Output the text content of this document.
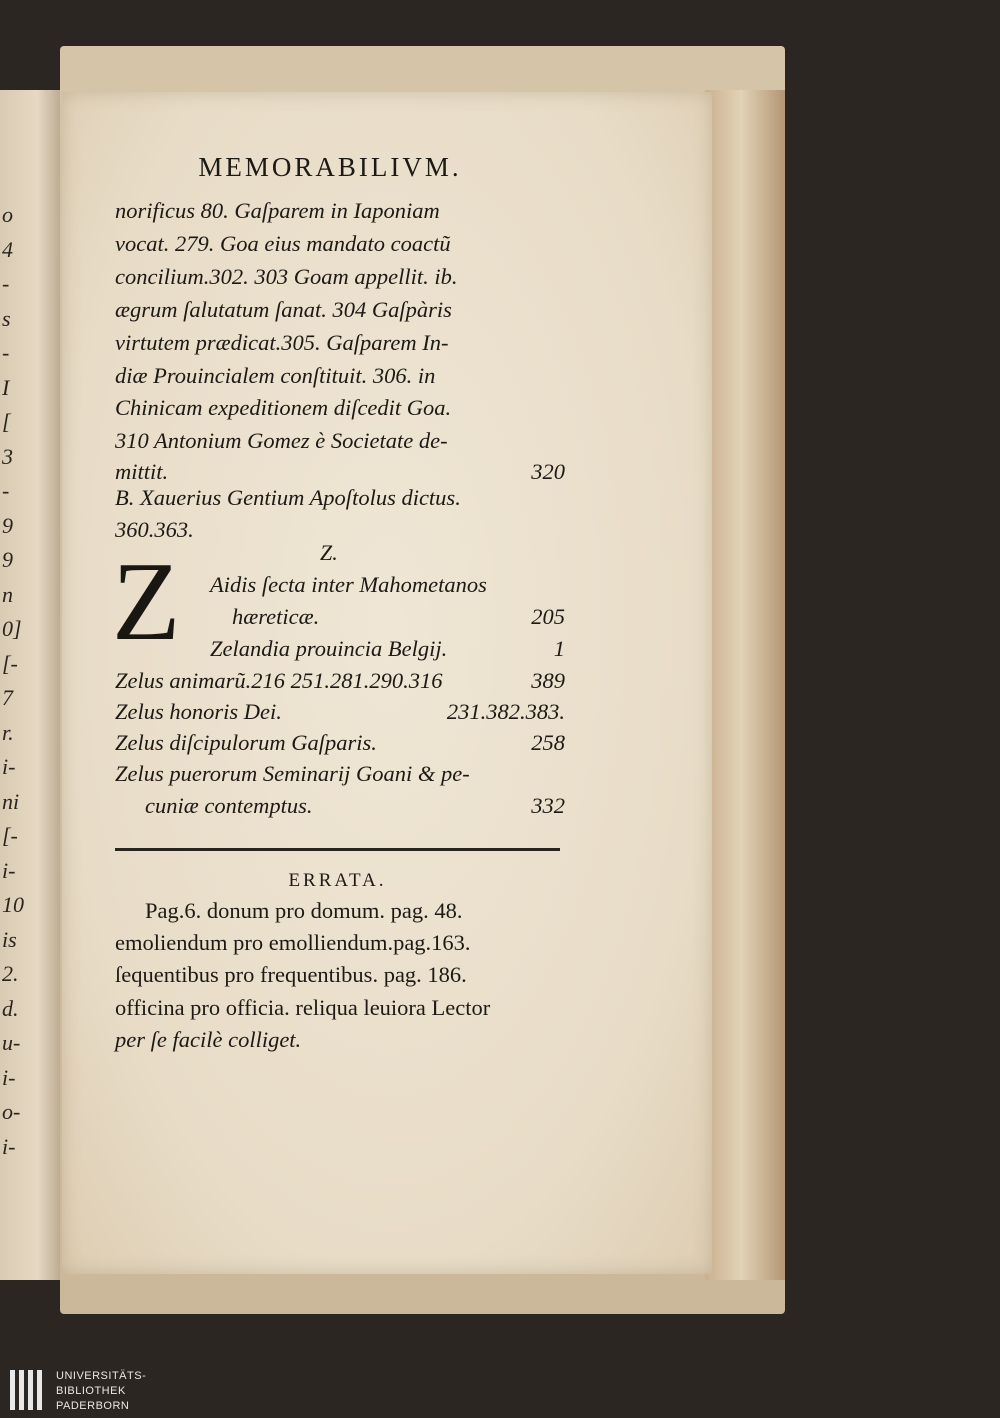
o
4
-
s
-
I
[
3
-
9
9
n
0]
[-
7
r.
i-
ni
[-
i-
10
is
2.
d.
u-
i-
o-
i-
MEMORABILIVM.
norificus 80. Gaſparem in Iaponiam
vocat. 279. Goa eius mandato coactũ
concilium.302. 303 Goam appellit. ib.
ægrum ſalutatum ſanat. 304 Gaſpàris
virtutem prædicat.305. Gaſparem In-
diæ Prouincialem conſtituit. 306. in
Chinicam expeditionem diſcedit Goa.
310 Antonium Gomez è Societate de-
mittit.	320
B. Xauerius Gentium Apoſtolus dictus.
360.363.
Z.
Z	Aidis ſecta inter Mahometanos
hæreticæ.	205
Zelandia prouincia Belgij.	1
Zelus animarũ.216 251.281.290.316	389
Zelus honoris Dei.	231.382.383.
Zelus diſcipulorum Gaſparis.	258
Zelus puerorum Seminarij Goani & pe-
cuniæ contemptus.	332
ERRATA.
Pag.6. donum pro domum. pag. 48.
emoliendum pro emolliendum.pag.163.
ſequentibus pro frequentibus. pag. 186.
officina pro officia. reliqua leuiora Lector
per ſe facilè colliget.
UNIVERSITÄTS-
BIBLIOTHEK
PADERBORN
